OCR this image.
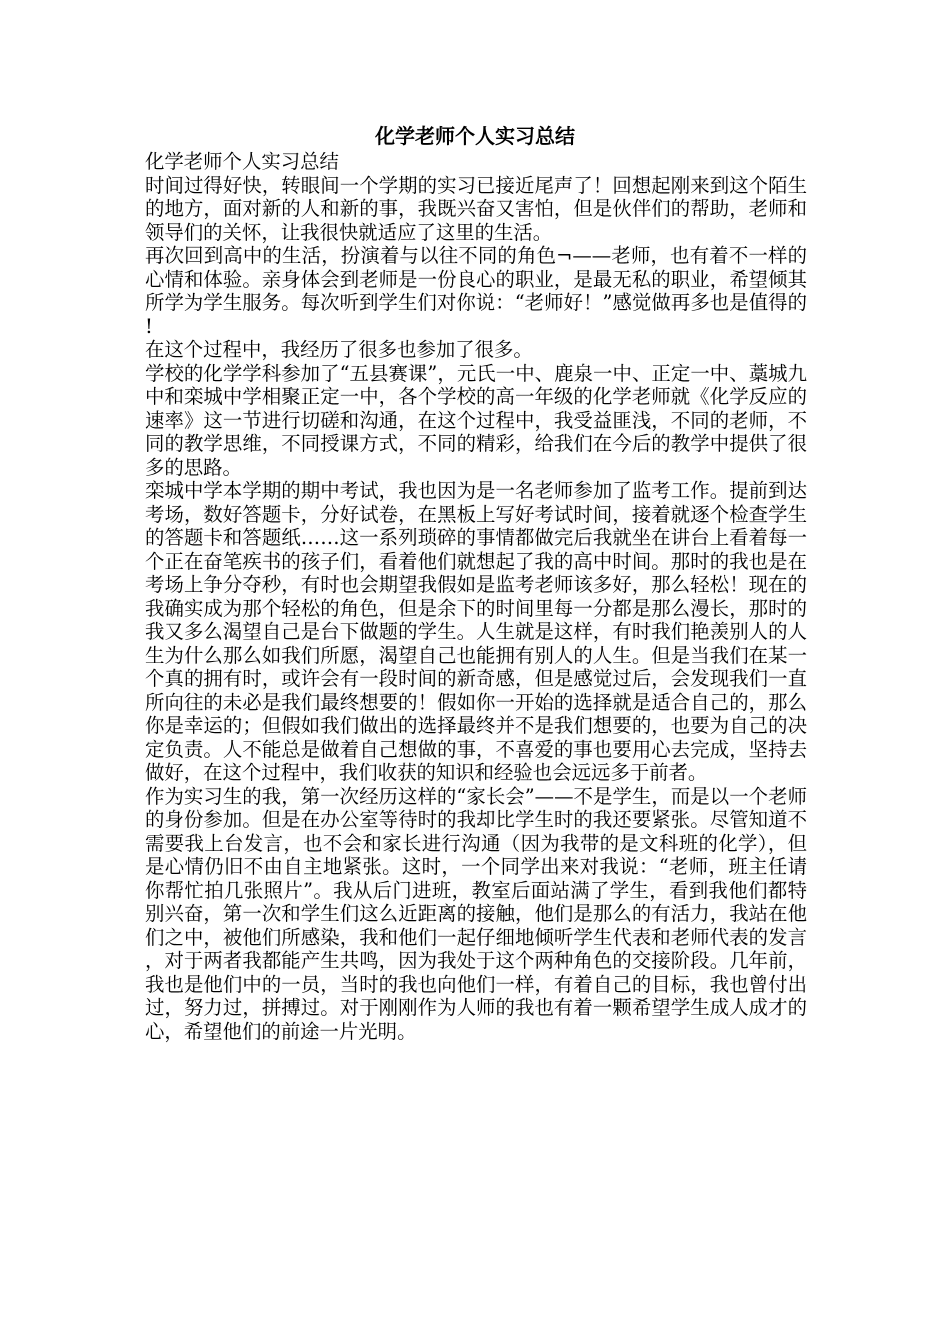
化学老师个人实习总结

化学老师个人实习总结

时间过得好快，转眼间一个学期的实习已接近尾声了！回想起刚来到这个陌生的地方，面对新的人和新的事，我既兴奋又害怕，但是伙伴们的帮助，老师和领导们的关怀，让我很快就适应了这里的生活。

再次回到高中的生活，扮演着与以往不同的角色¬——老师，也有着不一样的心情和体验。亲身体会到老师是一份良心的职业，是最无私的职业，希望倾其所学为学生服务。每次听到学生们对你说：“老师好！”感觉做再多也是值得的!

在这个过程中，我经历了很多也参加了很多。

学校的化学学科参加了“五县赛课”，元氏一中、鹿泉一中、正定一中、藁城九中和栾城中学相聚正定一中，各个学校的高一年级的化学老师就《化学反应的速率》这一节进行切磋和沟通，在这个过程中，我受益匪浅，不同的老师，不同的教学思维，不同授课方式，不同的精彩，给我们在今后的教学中提供了很多的思路。

栾城中学本学期的期中考试，我也因为是一名老师参加了监考工作。提前到达考场，数好答题卡，分好试卷，在黑板上写好考试时间，接着就逐个检查学生的答题卡和答题纸……这一系列琐碎的事情都做完后我就坐在讲台上看着每一个正在奋笔疾书的孩子们，看着他们就想起了我的高中时间。那时的我也是在考场上争分夺秒，有时也会期望我假如是监考老师该多好，那么轻松！现在的我确实成为那个轻松的角色，但是余下的时间里每一分都是那么漫长，那时的我又多么渴望自己是台下做题的学生。人生就是这样，有时我们艳羡别人的人生为什么那么如我们所愿，渴望自己也能拥有别人的人生。但是当我们在某一个真的拥有时，或许会有一段时间的新奇感，但是感觉过后，会发现我们一直所向往的未必是我们最终想要的！假如你一开始的选择就是适合自己的，那么你是幸运的；但假如我们做出的选择最终并不是我们想要的，也要为自己的决定负责。人不能总是做着自己想做的事，不喜爱的事也要用心去完成，坚持去做好，在这个过程中，我们收获的知识和经验也会远远多于前者。

作为实习生的我，第一次经历这样的“家长会”——不是学生，而是以一个老师的身份参加。但是在办公室等待时的我却比学生时的我还要紧张。尽管知道不需要我上台发言，也不会和家长进行沟通（因为我带的是文科班的化学），但是心情仍旧不由自主地紧张。这时，一个同学出来对我说：“老师，班主任请你帮忙拍几张照片”。我从后门进班，教室后面站满了学生，看到我他们都特别兴奋，第一次和学生们这么近距离的接触，他们是那么的有活力，我站在他们之中，被他们所感染，我和他们一起仔细地倾听学生代表和老师代表的发言，对于两者我都能产生共鸣，因为我处于这个两种角色的交接阶段。几年前，我也是他们中的一员，当时的我也向他们一样，有着自己的目标，我也曾付出过，努力过，拼搏过。对于刚刚作为人师的我也有着一颗希望学生成人成才的心，希望他们的前途一片光明。
